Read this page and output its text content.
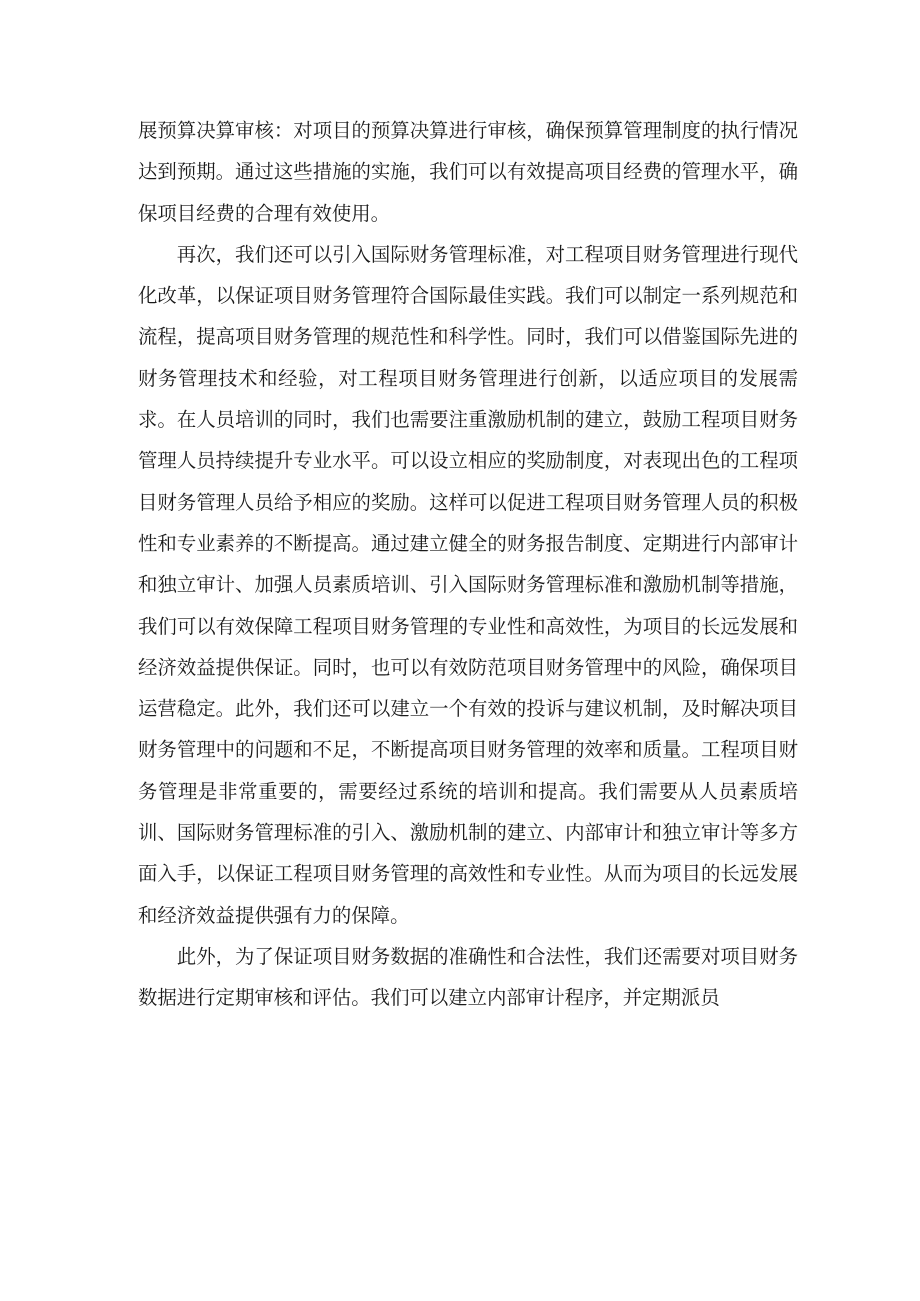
展预算决算审核：对项目的预算决算进行审核，确保预算管理制度的执行情况达到预期。通过这些措施的实施，我们可以有效提高项目经费的管理水平，确保项目经费的合理有效使用。

再次，我们还可以引入国际财务管理标准，对工程项目财务管理进行现代化改革，以保证项目财务管理符合国际最佳实践。我们可以制定一系列规范和流程，提高项目财务管理的规范性和科学性。同时，我们可以借鉴国际先进的财务管理技术和经验，对工程项目财务管理进行创新，以适应项目的发展需求。在人员培训的同时，我们也需要注重激励机制的建立，鼓励工程项目财务管理人员持续提升专业水平。可以设立相应的奖励制度，对表现出色的工程项目财务管理人员给予相应的奖励。这样可以促进工程项目财务管理人员的积极性和专业素养的不断提高。通过建立健全的财务报告制度、定期进行内部审计和独立审计、加强人员素质培训、引入国际财务管理标准和激励机制等措施，我们可以有效保障工程项目财务管理的专业性和高效性，为项目的长远发展和经济效益提供保证。同时，也可以有效防范项目财务管理中的风险，确保项目运营稳定。此外，我们还可以建立一个有效的投诉与建议机制，及时解决项目财务管理中的问题和不足，不断提高项目财务管理的效率和质量。工程项目财务管理是非常重要的，需要经过系统的培训和提高。我们需要从人员素质培训、国际财务管理标准的引入、激励机制的建立、内部审计和独立审计等多方面入手，以保证工程项目财务管理的高效性和专业性。从而为项目的长远发展和经济效益提供强有力的保障。

此外，为了保证项目财务数据的准确性和合法性，我们还需要对项目财务数据进行定期审核和评估。我们可以建立内部审计程序，并定期派员
